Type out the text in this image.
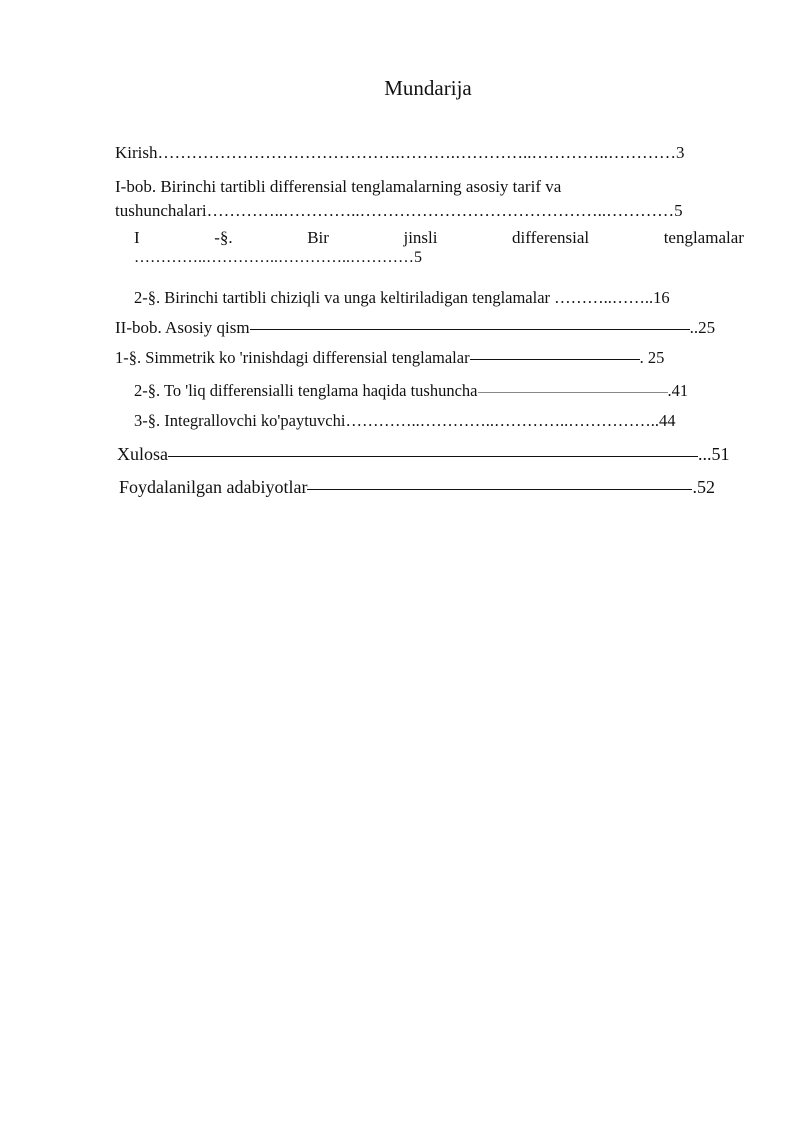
Mundarija
Kirish…………………………………….……….…………..…………..…………3
I-bob. Birinchi tartibli differensial tenglamalarning asosiy tarif va
tushunchalari…………..…………..……………………………………..…………5
I	-§.	Bir	jinsli	differensial	tenglamalar
…………..…………..…………..…………5
2-§. Birinchi tartibli chiziqli va unga keltiriladigan tenglamalar ………..……..16
II-bob. Asosiy qism	..25
1-§. Simmetrik ko 'rinishdagi differensial tenglamalar	. 25
2-§. To 'liq differensialli tenglama haqida tushuncha	.41
3-§. Integrallovchi ko'paytuvchi…………..…………..…………..……………..44
Xulosa	...51
Foydalanilgan adabiyotlar	.52
